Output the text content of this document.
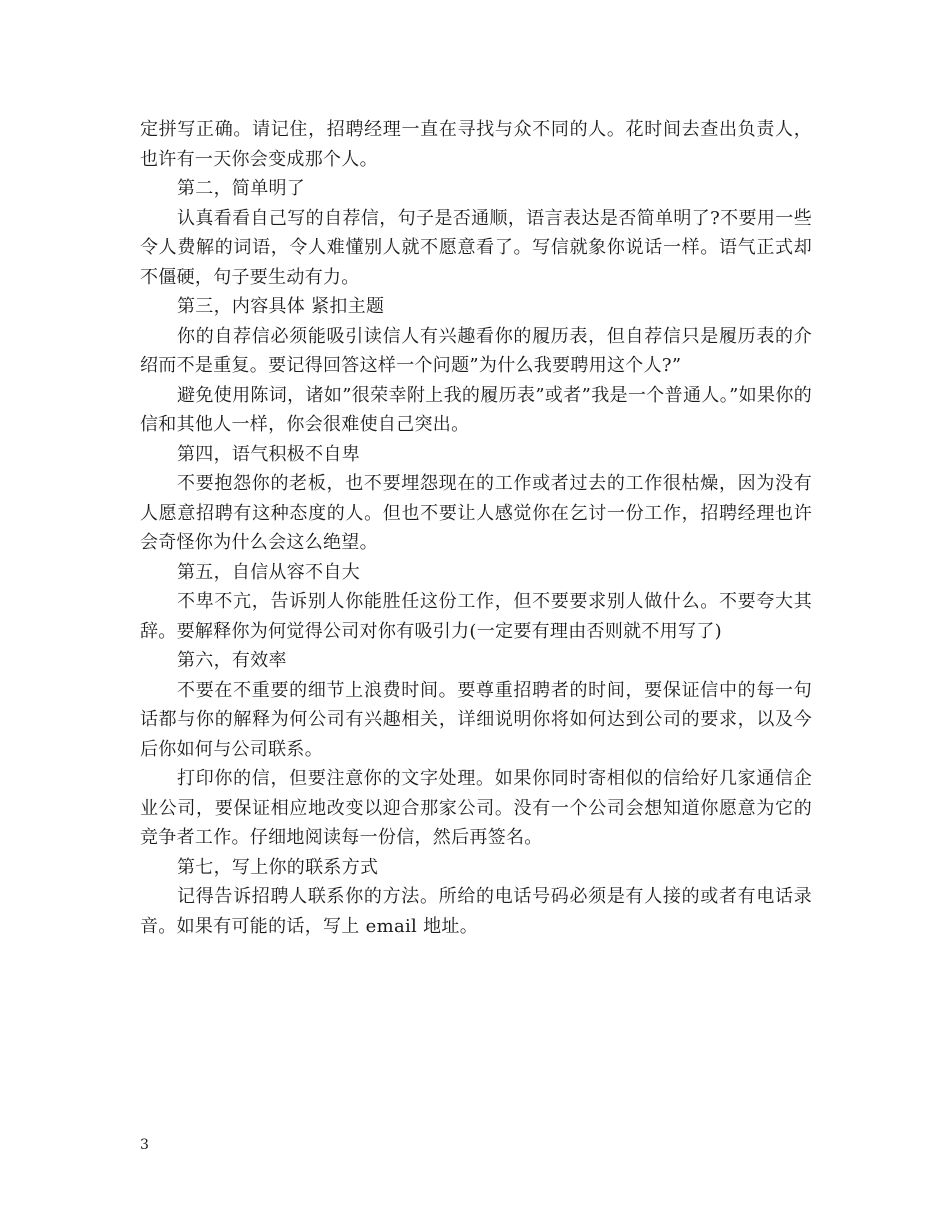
定拼写正确。请记住，招聘经理一直在寻找与众不同的人。花时间去查出负责人，也许有一天你会变成那个人。

第二，简单明了

认真看看自己写的自荐信，句子是否通顺，语言表达是否简单明了?不要用一些令人费解的词语，令人难懂别人就不愿意看了。写信就象你说话一样。语气正式却不僵硬，句子要生动有力。

第三，内容具体 紧扣主题

你的自荐信必须能吸引读信人有兴趣看你的履历表，但自荐信只是履历表的介绍而不是重复。要记得回答这样一个问题”为什么我要聘用这个人?”

避免使用陈词，诸如”很荣幸附上我的履历表”或者”我是一个普通人。”如果你的信和其他人一样，你会很难使自己突出。

第四，语气积极不自卑

不要抱怨你的老板，也不要埋怨现在的工作或者过去的工作很枯燥，因为没有人愿意招聘有这种态度的人。但也不要让人感觉你在乞讨一份工作，招聘经理也许会奇怪你为什么会这么绝望。

第五，自信从容不自大

不卑不亢，告诉别人你能胜任这份工作，但不要要求别人做什么。不要夸大其辞。要解释你为何觉得公司对你有吸引力(一定要有理由否则就不用写了)

第六，有效率

不要在不重要的细节上浪费时间。要尊重招聘者的时间，要保证信中的每一句话都与你的解释为何公司有兴趣相关，详细说明你将如何达到公司的要求，以及今后你如何与公司联系。

打印你的信，但要注意你的文字处理。如果你同时寄相似的信给好几家通信企业公司，要保证相应地改变以迎合那家公司。没有一个公司会想知道你愿意为它的竞争者工作。仔细地阅读每一份信，然后再签名。

第七，写上你的联系方式

记得告诉招聘人联系你的方法。所给的电话号码必须是有人接的或者有电话录音。如果有可能的话，写上 email 地址。

3
